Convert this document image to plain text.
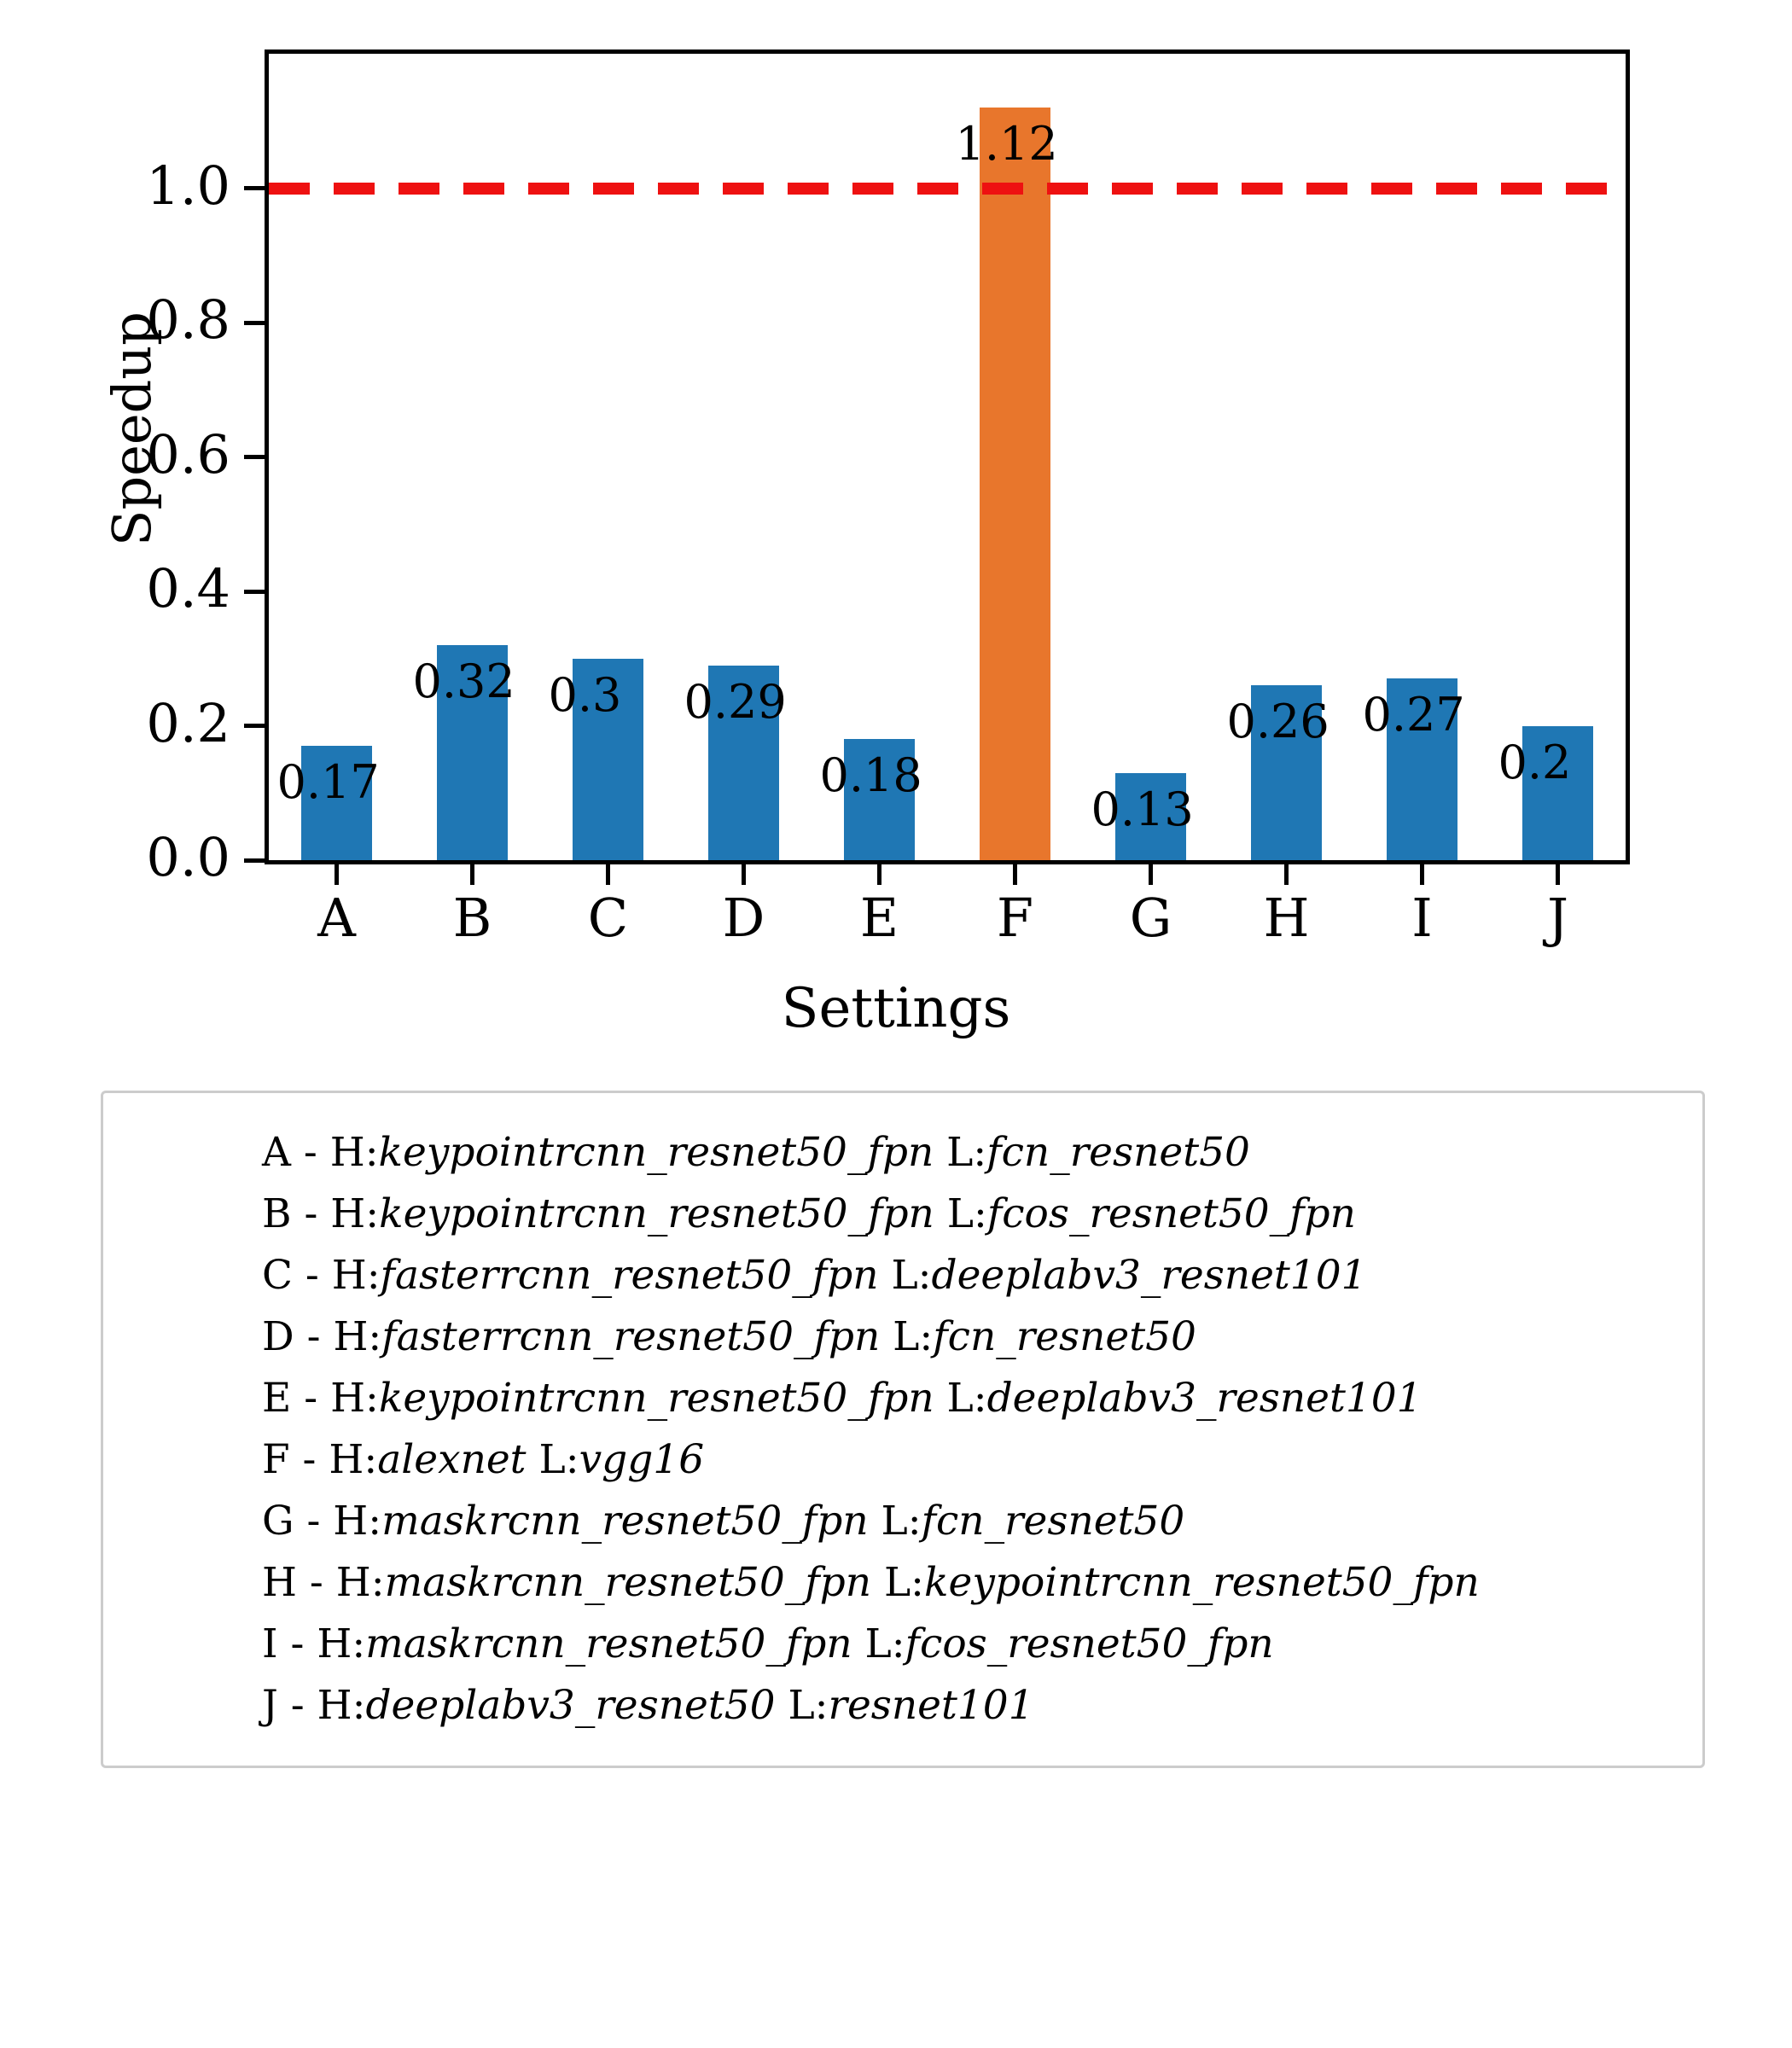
Speedup
0.0
0.2
0.4
0.6
0.8
1.0
0.17
0.32 0.3	0.29
0.18
1.12
0.13
0.26 0.27
0.2
A	B	C	D	E	F	G	H	I	J
Settings
A - H:keypointrcnn_resnet50_fpn L:fcn_resnet50
B - H:keypointrcnn_resnet50_fpn L:fcos_resnet50_fpn
C - H:fasterrcnn_resnet50_fpn L:deeplabv3_resnet101
D - H:fasterrcnn_resnet50_fpn L:fcn_resnet50
E - H:keypointrcnn_resnet50_fpn L:deeplabv3_resnet101
F - H:alexnet L:vgg16
G - H:maskrcnn_resnet50_fpn L:fcn_resnet50
H - H:maskrcnn_resnet50_fpn L:keypointrcnn_resnet50_fpn
I - H:maskrcnn_resnet50_fpn L:fcos_resnet50_fpn
J - H:deeplabv3_resnet50 L:resnet101
